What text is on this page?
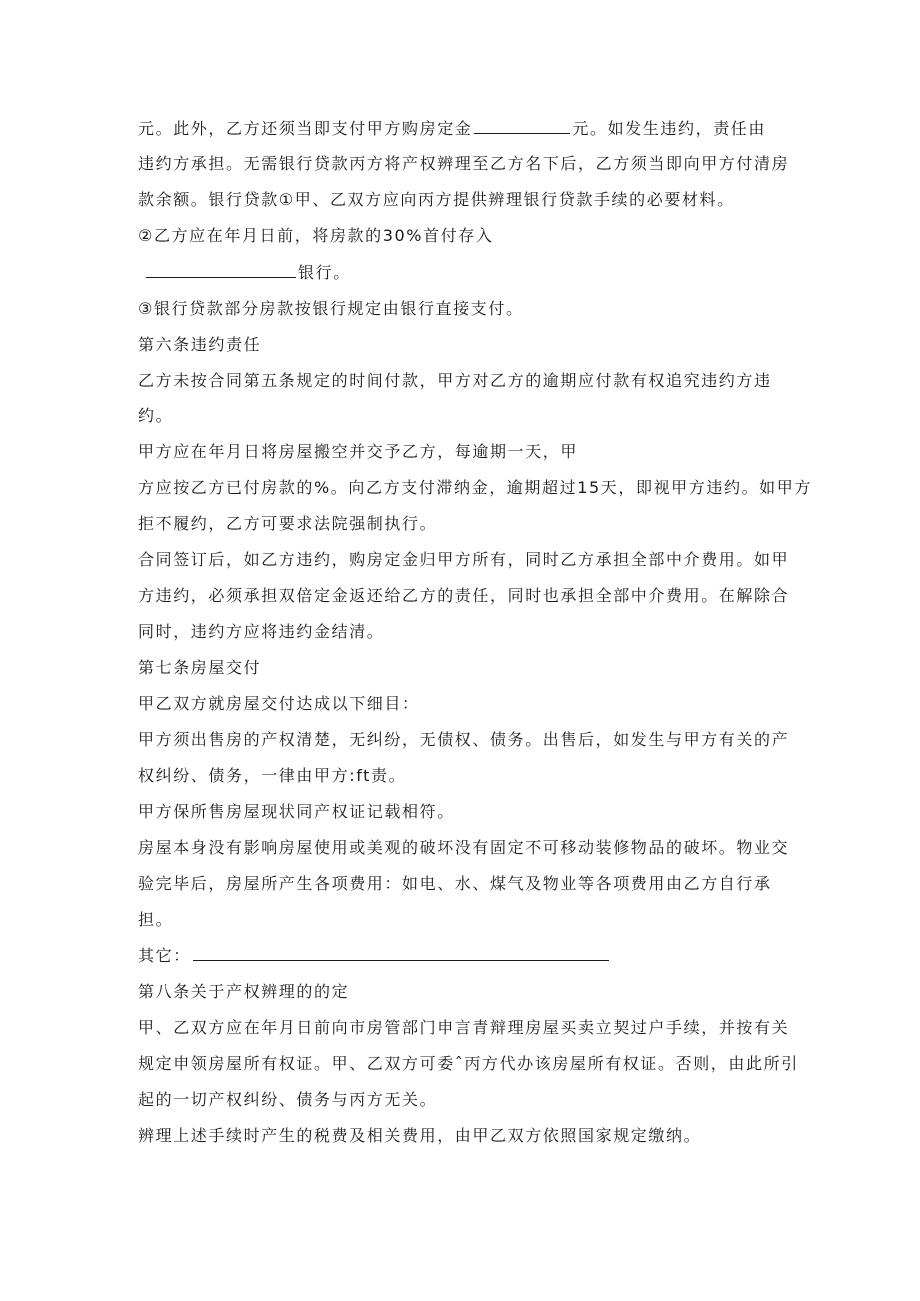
元。此外，乙方还须当即支付甲方购房定金	元。如发生违约，责任由
违约方承担。无需银行贷款丙方将产权辨理至乙方名下后，乙方须当即向甲方付清房
款余额。银行贷款①甲、乙双方应向丙方提供辨理银行贷款手续的必要材料。
②乙方应在年月日前，将房款的30%首付存入
银行。
③银行贷款部分房款按银行规定由银行直接支付。
第六条违约责任
乙方未按合同第五条规定的时间付款，甲方对乙方的逾期应付款有权追究违约方违
约。
甲方应在年月日将房屋搬空并交予乙方，每逾期一天，甲
方应按乙方已付房款的%。向乙方支付滞纳金，逾期超过15天，即视甲方违约。如甲方
拒不履约，乙方可要求法院强制执行。
合同签订后，如乙方违约，购房定金归甲方所有，同时乙方承担全部中介费用。如甲
方违约，必须承担双倍定金返还给乙方的责任，同时也承担全部中介费用。在解除合
同时，违约方应将违约金结清。
第七条房屋交付
甲乙双方就房屋交付达成以下细目：
甲方须出售房的产权清楚，无纠纷，无债权、债务。出售后，如发生与甲方有关的产
权纠纷、债务，一律由甲方:ft责。
甲方保所售房屋现状同产权证记载相符。
房屋本身没有影响房屋使用或美观的破坏没有固定不可移动装修物品的破坏。物业交
验完毕后，房屋所产生各项费用：如电、水、煤气及物业等各项费用由乙方自行承
担。
其它：
第八条关于产权辨理的的定
甲、乙双方应在年月日前向市房管部门申言青辩理房屋买卖立契过户手续，并按有关
规定申领房屋所有权证。甲、乙双方可委ˆ丙方代办该房屋所有权证。否则，由此所引
起的一切产权纠纷、债务与丙方无关。
辨理上述手续时产生的税费及相关费用，由甲乙双方依照国家规定缴纳。
